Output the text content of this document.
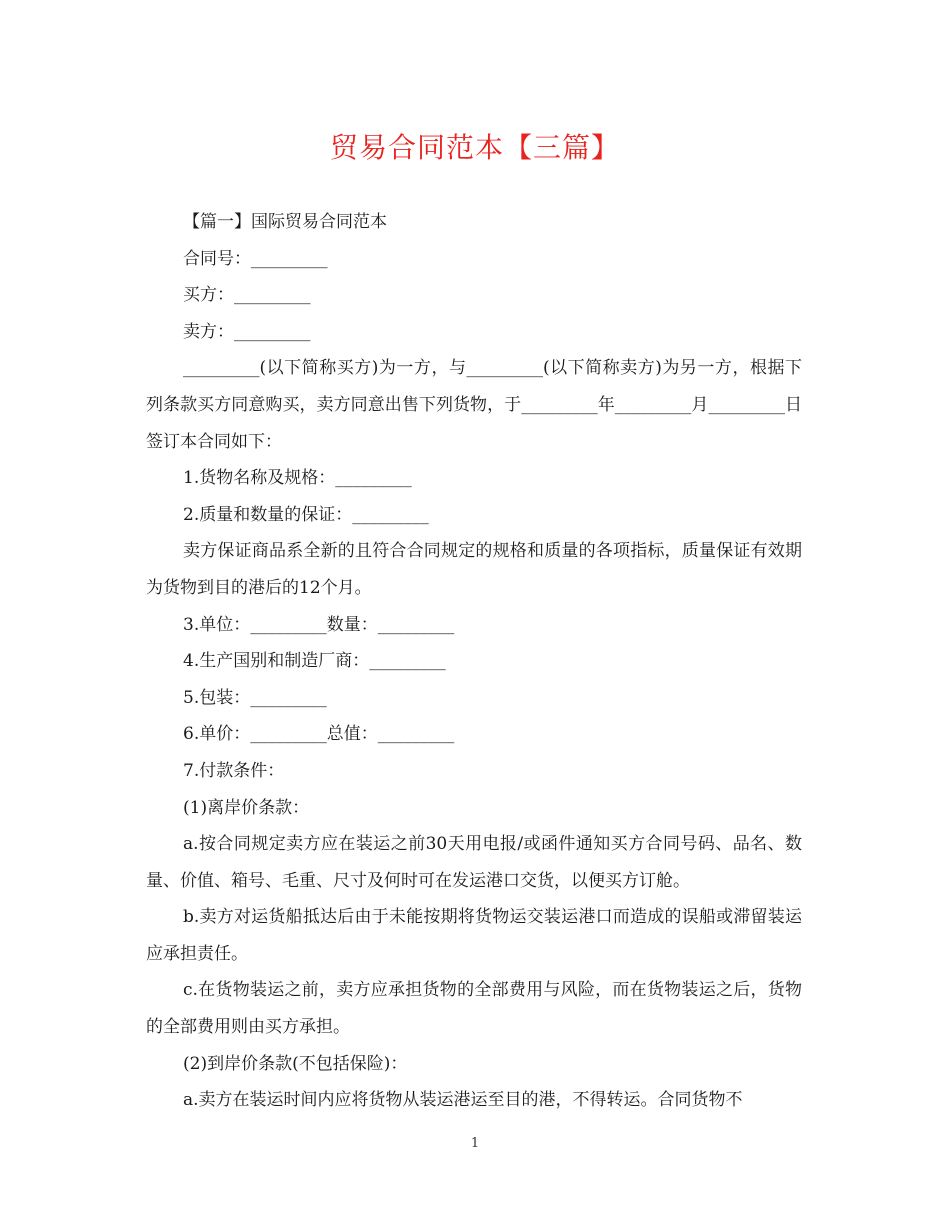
贸易合同范本【三篇】

【篇一】国际贸易合同范本

合同号：_________

买方：_________

卖方：_________

_________(以下简称买方)为一方，与_________(以下简称卖方)为另一方，根据下列条款买方同意购买，卖方同意出售下列货物，于_________年_________月_________日签订本合同如下：

1.货物名称及规格：_________

2.质量和数量的保证：_________

卖方保证商品系全新的且符合合同规定的规格和质量的各项指标，质量保证有效期为货物到目的港后的12个月。

3.单位：_________数量：_________

4.生产国别和制造厂商：_________

5.包装：_________

6.单价：_________总值：_________

7.付款条件：

(1)离岸价条款：

a.按合同规定卖方应在装运之前30天用电报/或函件通知买方合同号码、品名、数量、价值、箱号、毛重、尺寸及何时可在发运港口交货，以便买方订舱。

b.卖方对运货船抵达后由于未能按期将货物运交装运港口而造成的误船或滞留装运应承担责任。

c.在货物装运之前，卖方应承担货物的全部费用与风险，而在货物装运之后，货物的全部费用则由买方承担。

(2)到岸价条款(不包括保险)：

a.卖方在装运时间内应将货物从装运港运至目的港，不得转运。合同货物不

1
